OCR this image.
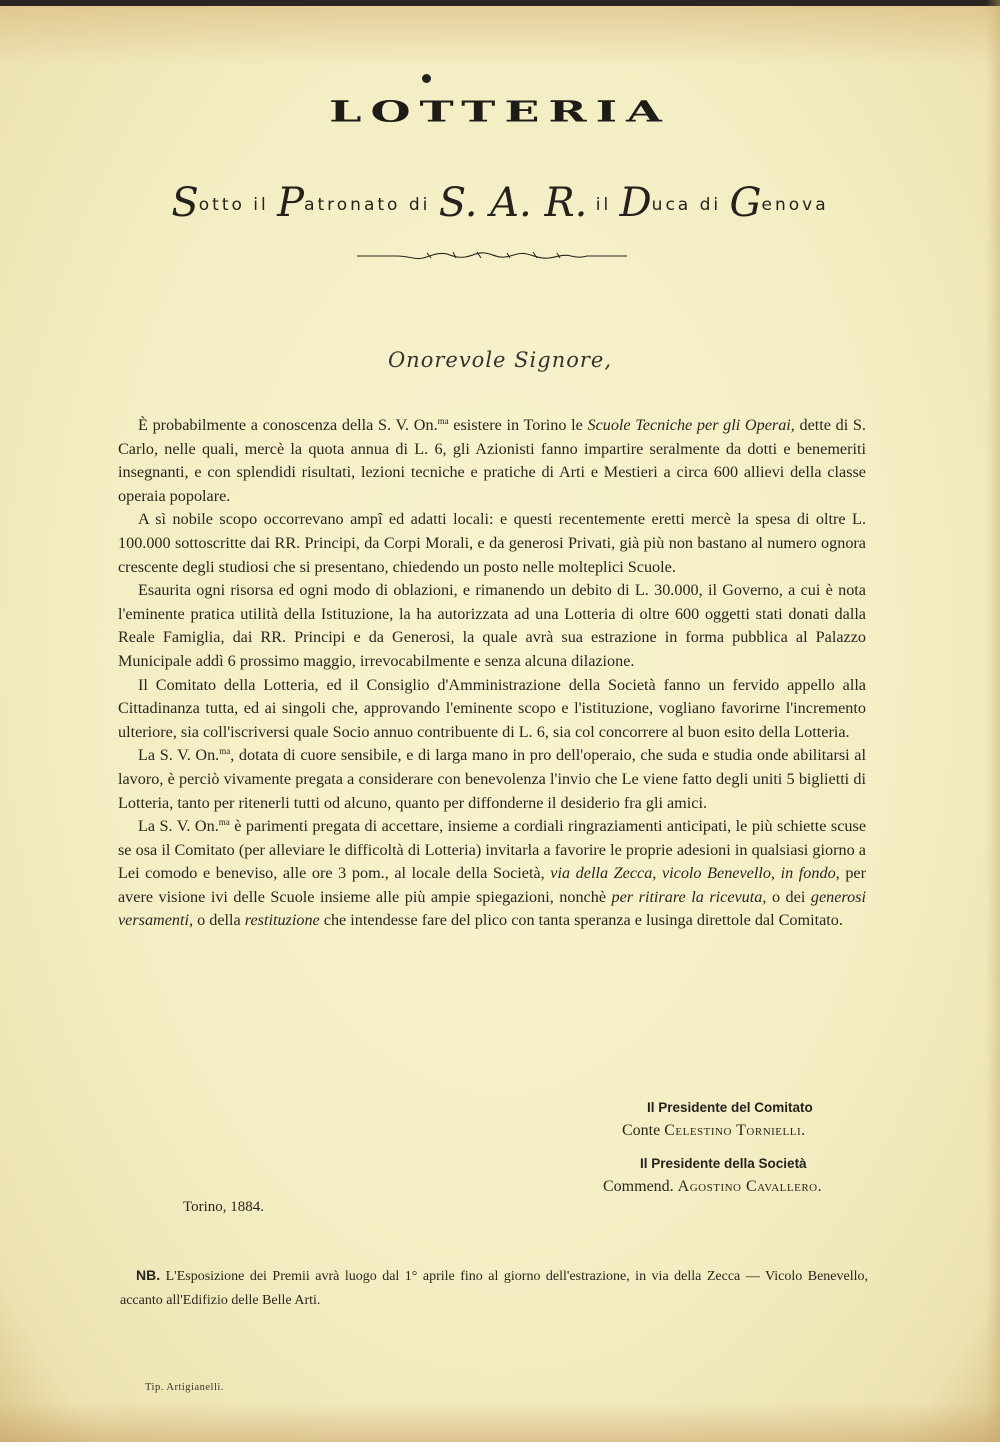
LOTTERIA
Sotto il Patronato di S. A. R. il Duca di Genova
Onorevole Signore,

È probabilmente a conoscenza della S. V. On.$^{ma}$ esistere in Torino le Scuole Tecniche per gli Operai, dette di S. Carlo, nelle quali, mercè la quota annua di L. 6, gli Azionisti fanno impartire seralmente da dotti e benemeriti insegnanti, e con splendidi risultati, lezioni tecniche e pratiche di Arti e Mestieri a circa 600 allievi della classe operaia popolare.

A sì nobile scopo occorrevano ampî ed adatti locali: e questi recentemente eretti mercè la spesa di oltre L. 100.000 sottoscritte dai RR. Principi, da Corpi Morali, e da generosi Privati, già più non bastano al numero ognora crescente degli studiosi che si presentano, chiedendo un posto nelle molteplici Scuole.

Esaurita ogni risorsa ed ogni modo di oblazioni, e rimanendo un debito di L. 30.000, il Governo, a cui è nota l'eminente pratica utilità della Istituzione, la ha autorizzata ad una Lotteria di oltre 600 oggetti stati donati dalla Reale Famiglia, dai RR. Principi e da Generosi, la quale avrà sua estrazione in forma pubblica al Palazzo Municipale addì 6 prossimo maggio, irrevocabilmente e senza alcuna dilazione.

Il Comitato della Lotteria, ed il Consiglio d'Amministrazione della Società fanno un fervido appello alla Cittadinanza tutta, ed ai singoli che, approvando l'eminente scopo e l'istituzione, vogliano favorirne l'incremento ulteriore, sia coll'iscriversi quale Socio annuo contribuente di L. 6, sia col concorrere al buon esito della Lotteria.

La S. V. On.$^{ma}$, dotata di cuore sensibile, e di larga mano in pro dell'operaio, che suda e studia onde abilitarsi al lavoro, è perciò vivamente pregata a considerare con benevolenza l'invio che Le viene fatto degli uniti 5 biglietti di Lotteria, tanto per ritenerli tutti od alcuno, quanto per diffonderne il desiderio fra gli amici.

La S. V. On.$^{ma}$ è parimenti pregata di accettare, insieme a cordiali ringraziamenti anticipati, le più schiette scuse se osa il Comitato (per alleviare le difficoltà di Lotteria) invitarla a favorire le proprie adesioni in qualsiasi giorno a Lei comodo e beneviso, alle ore 3 pom., al locale della Società, via della Zecca, vicolo Benevello, in fondo, per avere visione ivi delle Scuole insieme alle più ampie spiegazioni, nonchè per ritirare la ricevuta, o dei generosi versamenti, o della restituzione che intendesse fare del plico con tanta speranza e lusinga direttole dal Comitato.

Il Presidente del Comitato
Conte Celestino Tornielli.
Il Presidente della Società
Commend. Agostino Cavallero.
Torino, 1884.
NB. L'Esposizione dei Premii avrà luogo dal 1° aprile fino al giorno dell'estrazione, in via della Zecca — Vicolo Benevello, accanto all'Edifizio delle Belle Arti.
Tip. Artigianelli.
